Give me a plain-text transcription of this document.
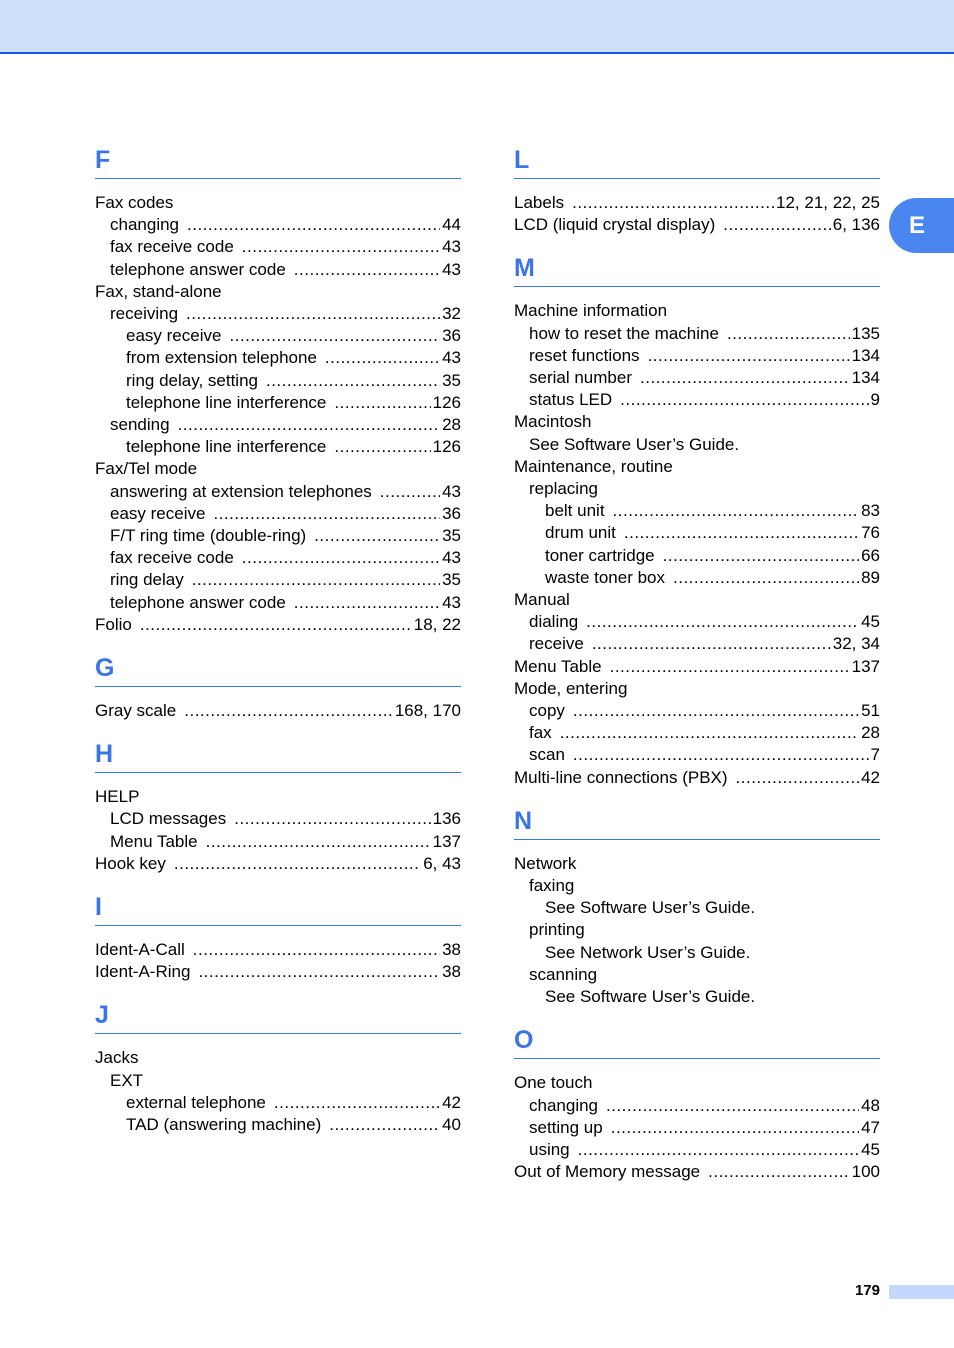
F
Fax codes
changing .....	44
fax receive code .....	43
telephone answer code .....	43
Fax, stand-alone
receiving .....	32
easy receive .....	36
from extension telephone .....	43
ring delay, setting .....	35
telephone line interference .....	126
sending .....	28
telephone line interference .....	126
Fax/Tel mode
answering at extension telephones .....	43
easy receive .....	36
F/T ring time (double-ring) .....	35
fax receive code .....	43
ring delay .....	35
telephone answer code .....	43
Folio .....	18, 22
G
Gray scale .....	168, 170
H
HELP
LCD messages .....	136
Menu Table .....	137
Hook key .....	6, 43
I
Ident-A-Call .....	38
Ident-A-Ring .....	38
J
Jacks
EXT
external telephone .....	42
TAD (answering machine) .....	40
L
Labels .....	12, 21, 22, 25
LCD (liquid crystal display) .....	6, 136
M
Machine information
how to reset the machine .....	135
reset functions .....	134
serial number .....	134
status LED .....	9
Macintosh
See Software User’s Guide.
Maintenance, routine
replacing
belt unit .....	83
drum unit .....	76
toner cartridge .....	66
waste toner box .....	89
Manual
dialing .....	45
receive .....	32, 34
Menu Table .....	137
Mode, entering
copy .....	51
fax .....	28
scan .....	7
Multi-line connections (PBX) .....	42
N
Network
faxing
See Software User’s Guide.
printing
See Network User’s Guide.
scanning
See Software User’s Guide.
O
One touch
changing .....	48
setting up .....	47
using .....	45
Out of Memory message .....	100
E
179
